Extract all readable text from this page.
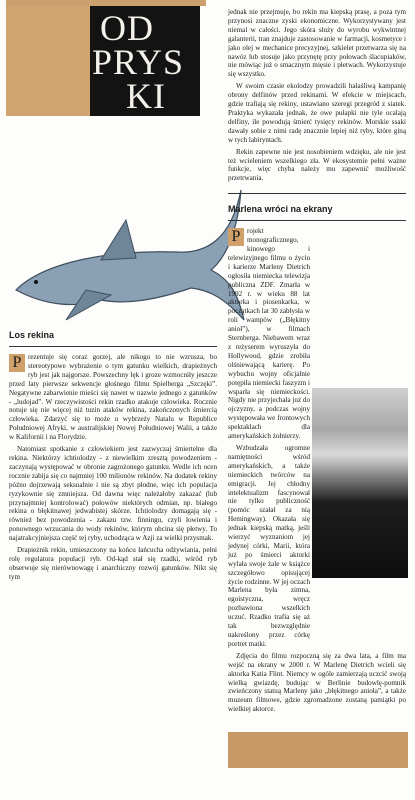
OD
PRYS
KI
Los rekina

P rezentuje się coraz gorzej, ale nikogo to nie wzrusza, bo stereotypowe wybrażenie o tym gatunku wielkich, drapieżnych ryb jest jak najgorsze. Powszechny lęk i groze wzmocniły jeszcze przed laty pierwsze sekwencje głośnego filmu Spielberga „Szczęki”. Negatywne zabarwienie mieści się nawet w nazwie jednego z gatunków - „ludojad”. W rzeczywistości rekin rzadko atakuje człowieka. Rocznie notuje się nie więcej niż tuzin ataków rekina, zakończonych śmiercią człowieka. Zdarzyć się to może u wybrzeży Natalu w Republice Południowej Afryki, w australijskiej Nowej Południowej Walii, a także w Kalifornii i na Florydzie.

Natomiast spotkanie z człowiekiem jest zazwyczaj śmiertelne dla rekina. Niektórzy ichtiolodzy - z niewielkim zresztą powodzeniem - zaczynają występować w obronie zagrożonego gatunku. Wedle ich ocen rocznie zabija się co najmniej 100 milionów rekinów. Na dodatek rekiny późno dojrzewają seksualnie i nie są zbyt płodne, więc ich populacja ryzykownie się zmniejsza. Od dawna więc należałoby zakazać (lub przynajmniej kontrolować) połowów niektórych odmian, np. białego rekina o błękitnawej jedwabistej skórze. Ichtiolodzy domagają się - również bez powodzenia - zakazu tzw. finningu, czyli łowienia i ponownego wrzucania do wody rekinów, którym obcina się płetwy. To najatrakcyjniejsza część tej ryby, uchodząca w Azji za wielki przysmak.

Drapieżnik rekin, umieszczony na końcu łańcucha odżywiania, pełni rolę regulatora populacji ryb. Od-kąd stał się rzadki, wśród ryb obserwuje się nierównowagę i anarchiczny rozwój gatunków. Nikt się tym

jednak nie przejmuje, bo rekin ma kiepską prasę, a poza tym przynosi znaczne zyski ekonomiczne. Wykorzystywany jest niemal w całości. Jego skóra służy do wyrobu wykwintnej galanterii, tran znajduje zastosowanie w farmacji, kosmetyce i jako olej w mechanice precyzyjnej, szkielet przetwarza się na nawóz lub stosuje jako przynętę przy połowach ślacupiaków, nie mówiąc już o smacznym mięsie i płetwach. Wykorzystuje się wszystko.

W swoim czasie ekolodzy prowadzili hałaśliwą kampanię obrony delfinów przed rekinami. W efekcie w miejscach, gdzie trafiają się rekiny, ustawiano szeregi przegród z siatek. Praktyka wykazała jednak, że owe pułapki nie tyle ocalają delfiny, ile powodują śmierć tysięcy rekinów. Morskie ssaki dawały sobie z nimi radę znacznie lepiej niż ryby, które giną w tych labiryntach.

Rekin zapewne nie jest nosobieniem wdzięku, ale nie jest też wcieleniem wszelkiego zła. W ekosystemie pełni ważne funkcje, więc chyba należy mu zapewnić możliwość przetrwania.

Marlena wróci na ekrany

P rojekt monograficznego, kinowego i telewizyjnego filmu o życiu i karierze Marleny Dietrich ogłosiła niemiecka telewizja publiczna ZDF. Zmarła w 1992 r. w wieku 88 lat aktorka i piosenkarka, w początkach lat 30 zabłysła w roli wampów („Błękitny anioł”), w filmach Sternberga. Niebawem wraz z reżyserem wyruszyła do Hollywood, gdzie zrobiła olśniewającą karierę. Po wybuchu wojny oficjalnie potępiła niemiecki faszyzm i wsparła się niemieckości. Nigdy nie przyjechała już do ojczyzny, a podczas wojny występowała we frontowych spektaklach dla amerykańskich żołnierzy.

Wzbudzała ogromne namiętności wśród amerykańskich, a także niemieckich twórców na emigracji. Jej chłodny intelektualizm fascynował nie tylko publiczność (pomóc szałał za nią Hemingway). Okazała się jednak kiepską matką, jeśli wierzyć wyznaniom jej jedynej córki, Marii, która już po śmierci aktorki wylała swoje żale w książce szczegółowo opisującej życie rodzinne. W jej oczach Marlena była zimna, egoistyczna, wręcz pozbawiona wszelkich uczuć. Rzadko trafia się aż tak bezwzględnie nakreślony przez córkę portret matki.

Zdjęcia do filmu rozpoczną się za dwa lata, a film ma wejść na ekrany w 2000 r. W Marlenę Dietrich wcieli się aktorka Katia Flint. Niemcy w ogóle zamierzają uczcić swoją wielką gwiazdę, budując w Berlinie budowlę-pomnik zwieńczony statuą Marleny jako „błękitnego anioła”, a także muzeum filmowe, gdzie zgromadzone zostaną pamiątki po wielkiej aktorce.
